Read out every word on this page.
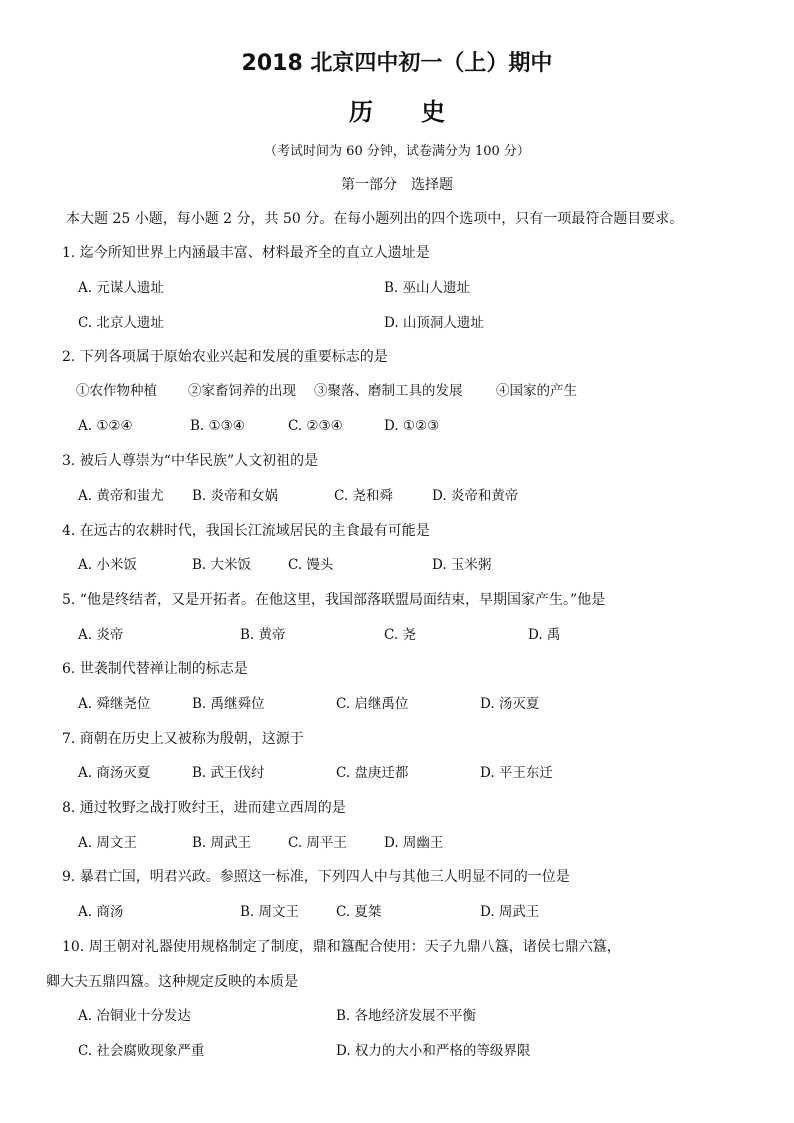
2018 北京四中初一（上）期中
历 史
（考试时间为 60 分钟，试卷满分为 100 分）
第一部分　选择题
本大题 25 小题，每小题 2 分，共 50 分。在每小题列出的四个选项中，只有一项最符合题目要求。
1. 迄今所知世界上内涵最丰富、材料最齐全的直立人遗址是
A. 元谋人遗址	B. 巫山人遗址
C. 北京人遗址	D. 山顶洞人遗址
2. 下列各项属于原始农业兴起和发展的重要标志的是
①农作物种植 ②家畜饲养的出现 ③聚落、磨制工具的发展 ④国家的产生
A. ①②④	B. ①③④	C. ②③④	D. ①②③
3. 被后人尊崇为“中华民族”人文初祖的是
A. 黄帝和蚩尤 B. 炎帝和女娲	C. 尧和舜	D. 炎帝和黄帝
4. 在远古的农耕时代，我国长江流域居民的主食最有可能是
A. 小米饭	B. 大米饭	C. 馒头	D. 玉米粥
5. “他是终结者，又是开拓者。在他这里，我国部落联盟局面结束，早期国家产生。”他是
A. 炎帝	B. 黄帝	C. 尧	D. 禹
6. 世袭制代替禅让制的标志是
A. 舜继尧位	B. 禹继舜位	C. 启继禹位	D. 汤灭夏
7. 商朝在历史上又被称为殷朝，这源于
A. 商汤灭夏	B. 武王伐纣	C. 盘庚迁都	D. 平王东迁
8. 通过牧野之战打败纣王，进而建立西周的是
A. 周文王	B. 周武王	C. 周平王	D. 周幽王
9. 暴君亡国，明君兴政。参照这一标准，下列四人中与其他三人明显不同的一位是
A. 商汤	B. 周文王	C. 夏桀	D. 周武王
10. 周王朝对礼器使用规格制定了制度，鼎和簋配合使用：天子九鼎八簋，诸侯七鼎六簋，
卿大夫五鼎四簋。这种规定反映的本质是
A. 冶铜业十分发达	B. 各地经济发展不平衡
C. 社会腐败现象严重	D. 权力的大小和严格的等级界限
